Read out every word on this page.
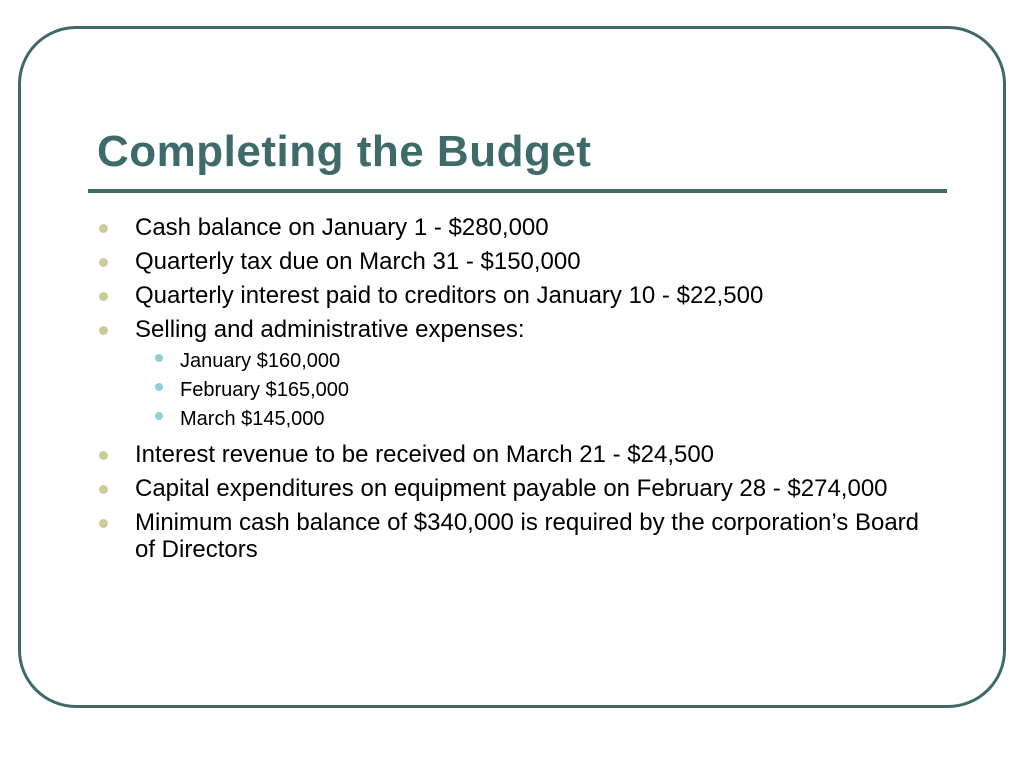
Completing the Budget
Cash balance on January 1 - $280,000
Quarterly tax due on March 31 - $150,000
Quarterly interest paid to creditors on January 10 - $22,500
Selling and administrative expenses:
January $160,000
February $165,000
March $145,000
Interest revenue to be received on March 21 - $24,500
Capital expenditures on equipment payable on February 28 - $274,000
Minimum cash balance of $340,000 is required by the corporation’s Board of Directors
